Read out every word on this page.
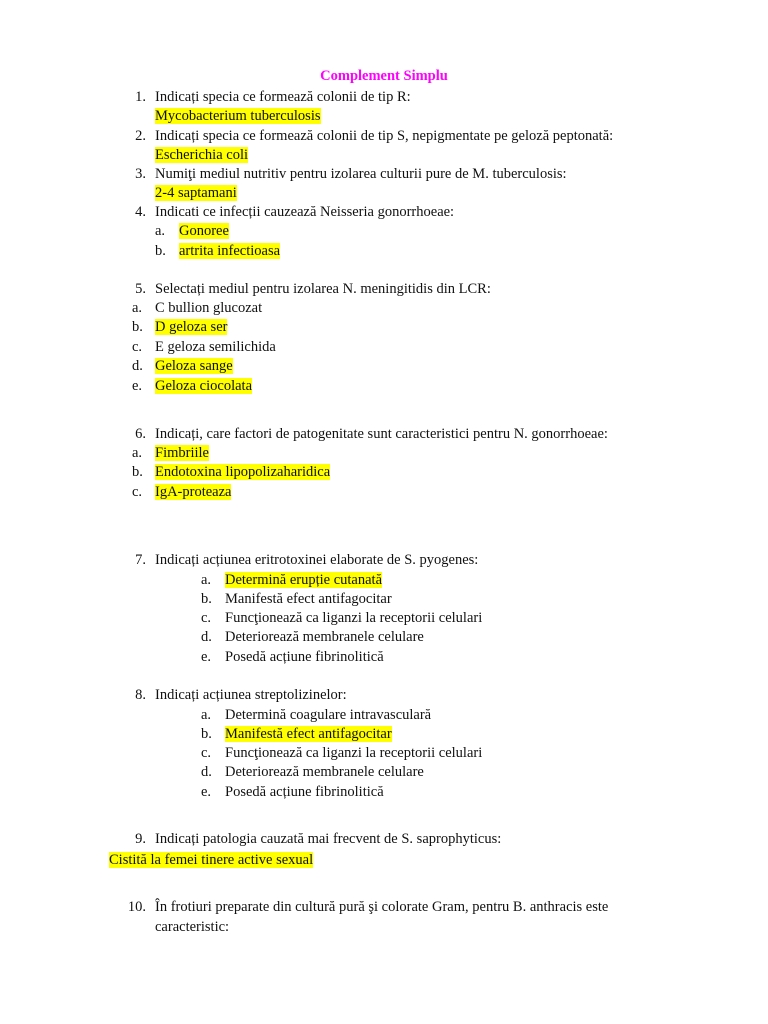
Complement Simplu
1. Indicați specia ce formează colonii de tip R:
Mycobacterium tuberculosis
2. Indicați specia ce formează colonii de tip S, nepigmentate pe geloză peptonată:
Escherichia coli
3. Numiţi mediul nutritiv pentru izolarea culturii pure de M. tuberculosis:
2-4 saptamani
4. Indicati ce infecții cauzează Neisseria gonorrhoeae:
a. Gonoree
b. artrita infectioasa
5. Selectați mediul pentru izolarea N. meningitidis din LCR:
a. C bullion glucozat
b. D geloza ser
c. E geloza semilichida
d. Geloza sange
e. Geloza ciocolata
6. Indicați, care factori de patogenitate sunt caracteristici pentru N. gonorrhoeae:
a. Fimbriile
b. Endotoxina lipopolizaharidica
c. IgA-proteaza
7. Indicați acțiunea eritrotoxinei elaborate de S. pyogenes:
a. Determină erupție cutanată
b. Manifestă efect antifagocitar
c. Funcţionează ca liganzi la receptorii celulari
d. Deteriorează membranele celulare
e. Posedă acțiune fibrinolitică
8. Indicați acțiunea streptolizinelor:
a. Determină coagulare intravasculară
b. Manifestă efect antifagocitar
c. Funcţionează ca liganzi la receptorii celulari
d. Deteriorează membranele celulare
e. Posedă acțiune fibrinolitică
9. Indicați patologia cauzată mai frecvent de S. saprophyticus:
Cistită la femei tinere active sexual
10. În frotiuri preparate din cultură pură şi colorate Gram, pentru B. anthracis este
caracteristic:
